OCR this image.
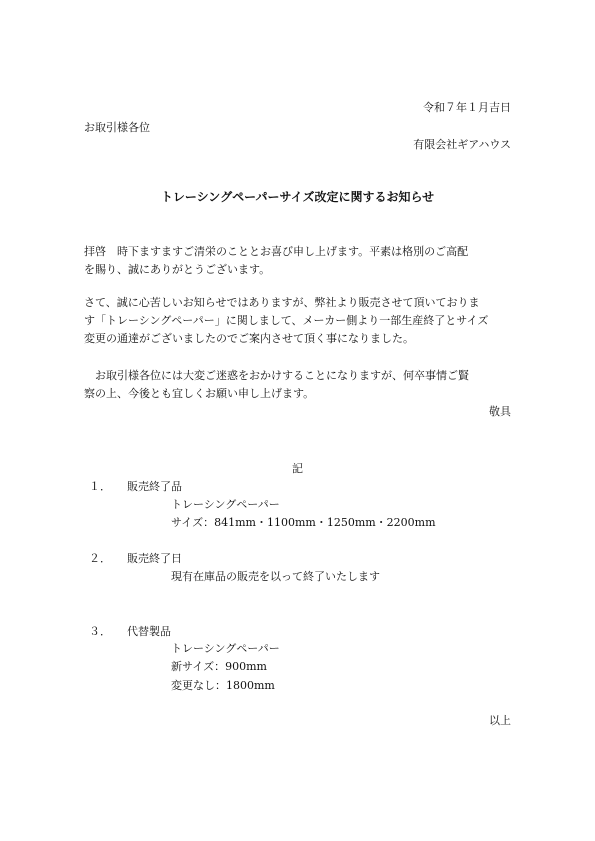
令和７年１月吉日
お取引様各位
有限会社ギアハウス
トレーシングペーパーサイズ改定に関するお知らせ
拝啓　時下ますますご清栄のこととお喜び申し上げます。平素は格別のご高配
を賜り、誠にありがとうございます。
さて、誠に心苦しいお知らせではありますが、弊社より販売させて頂いておりま
す「トレーシングペーパー」に関しまして、メーカー側より一部生産終了とサイズ
変更の通達がございましたのでご案内させて頂く事になりました。
　お取引様各位には大変ご迷惑をおかけすることになりますが、何卒事情ご賢
察の上、今後とも宜しくお願い申し上げます。
敬具
記
１． 販売終了品
トレーシングペーパー
サイズ：841mm・1100mm・1250mm・2200mm
２． 販売終了日
現有在庫品の販売を以って終了いたします
３． 代替製品
トレーシングペーパー
新サイズ：900mm
変更なし：1800mm
以上
